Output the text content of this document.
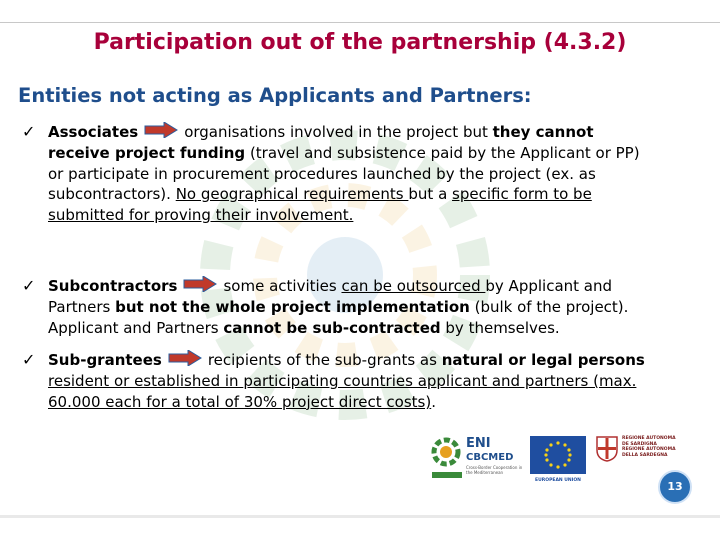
Participation out of the partnership (4.3.2)
Entities not acting as Applicants and Partners:
✓ Associates	organisations involved in the project but they cannot receive project funding (travel and subsistence paid by the Applicant or PP) or participate in procurement procedures launched by the project (ex. as subcontractors). No geographical requirements but a specific form to be submitted for proving their involvement.
✓ Subcontractors	some activities can be outsourced by Applicant and Partners but not the whole project implementation (bulk of the project). Applicant and Partners cannot be sub-contracted by themselves.
✓ Sub-grantees	recipients of the sub-grants as natural or legal persons resident or established in participating countries applicant and partners (max. 60.000 each for a total of 30% project direct costs).
ENI
CBCMED
Cross-Border Cooperation in the Mediterranean
EUROPEAN UNION
REGIONE AUTONOMA
DE SARDIGNA
REGIONE AUTONOMA
DELLA SARDEGNA
13
